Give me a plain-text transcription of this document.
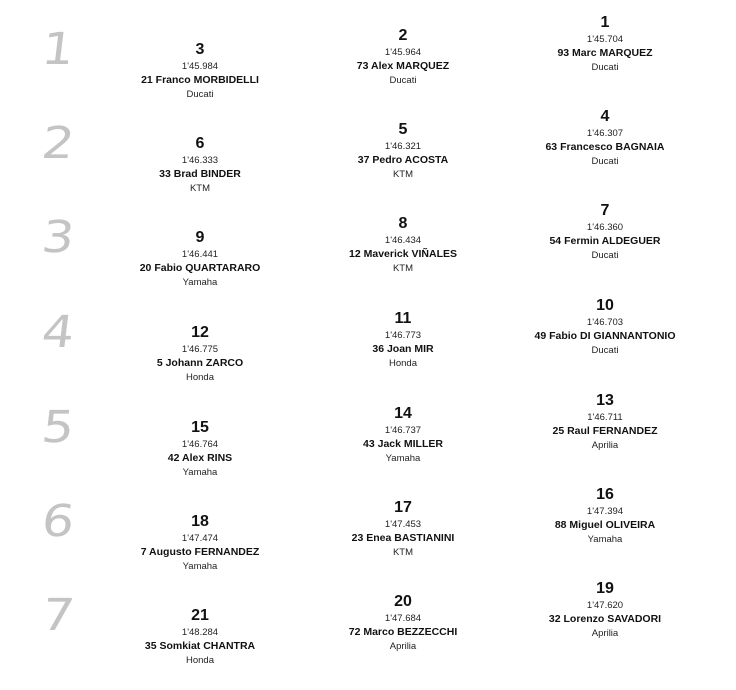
1	3
1'45.984
21 Franco MORBIDELLI
Ducati
2
1'45.964
73 Alex MARQUEZ
Ducati
1
1'45.704
93 Marc MARQUEZ
Ducati
2	6
1'46.333
33 Brad BINDER
KTM
5
1'46.321
37 Pedro ACOSTA
KTM
4
1'46.307
63 Francesco BAGNAIA
Ducati
3	9
1'46.441
20 Fabio QUARTARARO
Yamaha
8
1'46.434
12 Maverick VIÑALES
KTM
7
1'46.360
54 Fermin ALDEGUER
Ducati
4	12
1'46.775
5 Johann ZARCO
Honda
11
1'46.773
36 Joan MIR
Honda
10
1'46.703
49 Fabio DI GIANNANTONIO
Ducati
5	15
1'46.764
42 Alex RINS
Yamaha
14
1'46.737
43 Jack MILLER
Yamaha
13
1'46.711
25 Raul FERNANDEZ
Aprilia
6	18
1'47.474
7 Augusto FERNANDEZ
Yamaha
17
1'47.453
23 Enea BASTIANINI
KTM
16
1'47.394
88 Miguel OLIVEIRA
Yamaha
7	21
1'48.284
35 Somkiat CHANTRA
Honda
20
1'47.684
72 Marco BEZZECCHI
Aprilia
19
1'47.620
32 Lorenzo SAVADORI
Aprilia
